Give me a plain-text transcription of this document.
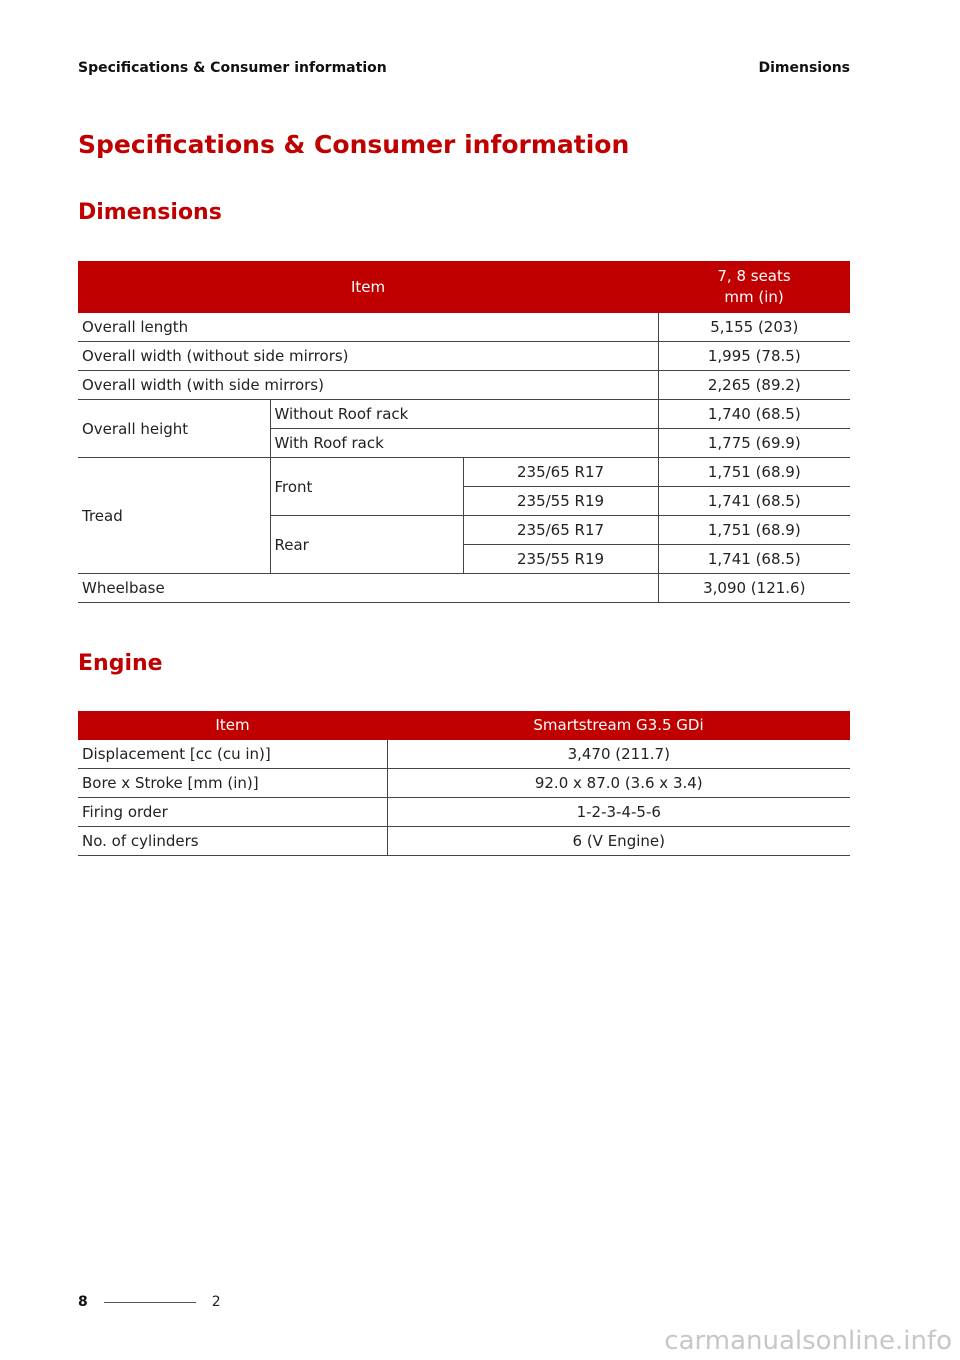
Specifications & Consumer information	Dimensions
Specifications & Consumer information
Dimensions
Item			7, 8 seats
mm (in)
Overall length			5,155 (203)
Overall width (without side mirrors)			1,995 (78.5)
Overall width (with side mirrors)			2,265 (89.2)
Overall height	Without Roof rack		1,740 (68.5)
	With Roof rack		1,775 (69.9)
Tread	Front	235/65 R17	1,751 (68.9)
		235/55 R19	1,741 (68.5)
	Rear	235/65 R17	1,751 (68.9)
		235/55 R19	1,741 (68.5)
Wheelbase			3,090 (121.6)
Engine
Item	Smartstream G3.5 GDi
Displacement [cc (cu in)]	3,470 (211.7)
Bore x Stroke [mm (in)]	92.0 x 87.0 (3.6 x 3.4)
Firing order	1-2-3-4-5-6
No. of cylinders	6 (V Engine)
8	2
carmanualsonline.info
